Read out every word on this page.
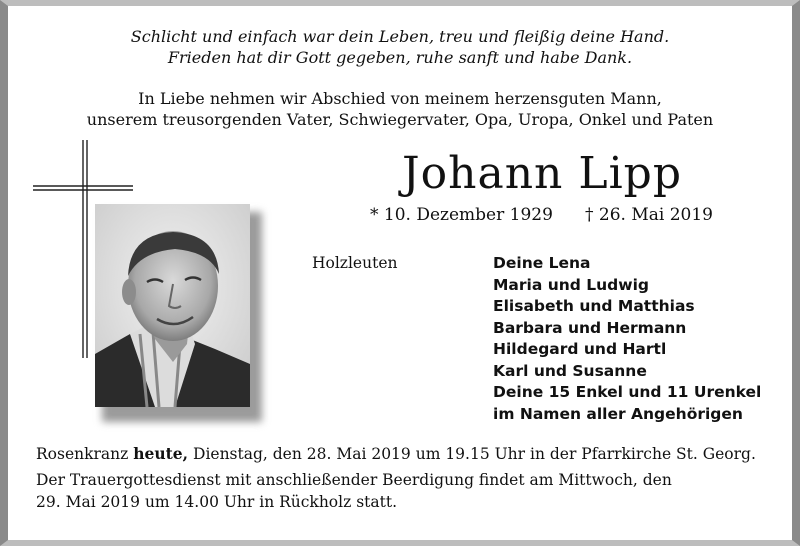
Schlicht und einfach war dein Leben, treu und fleißig deine Hand.
Frieden hat dir Gott gegeben, ruhe sanft und habe Dank.
In Liebe nehmen wir Abschied von meinem herzensguten Mann,
unserem treusorgenden Vater, Schwiegervater, Opa, Uropa, Onkel und Paten
Johann Lipp
* 10. Dezember 1929 † 26. Mai 2019
Holzleuten	Deine Lena
Maria und Ludwig
Elisabeth und Matthias
Barbara und Hermann
Hildegard und Hartl
Karl und Susanne
Deine 15 Enkel und 11 Urenkel
im Namen aller Angehörigen
Rosenkranz heute, Dienstag, den 28. Mai 2019 um 19.15 Uhr in der Pfarrkirche St. Georg.
Der Trauergottesdienst mit anschließender Beerdigung findet am Mittwoch, den
29. Mai 2019 um 14.00 Uhr in Rückholz statt.
